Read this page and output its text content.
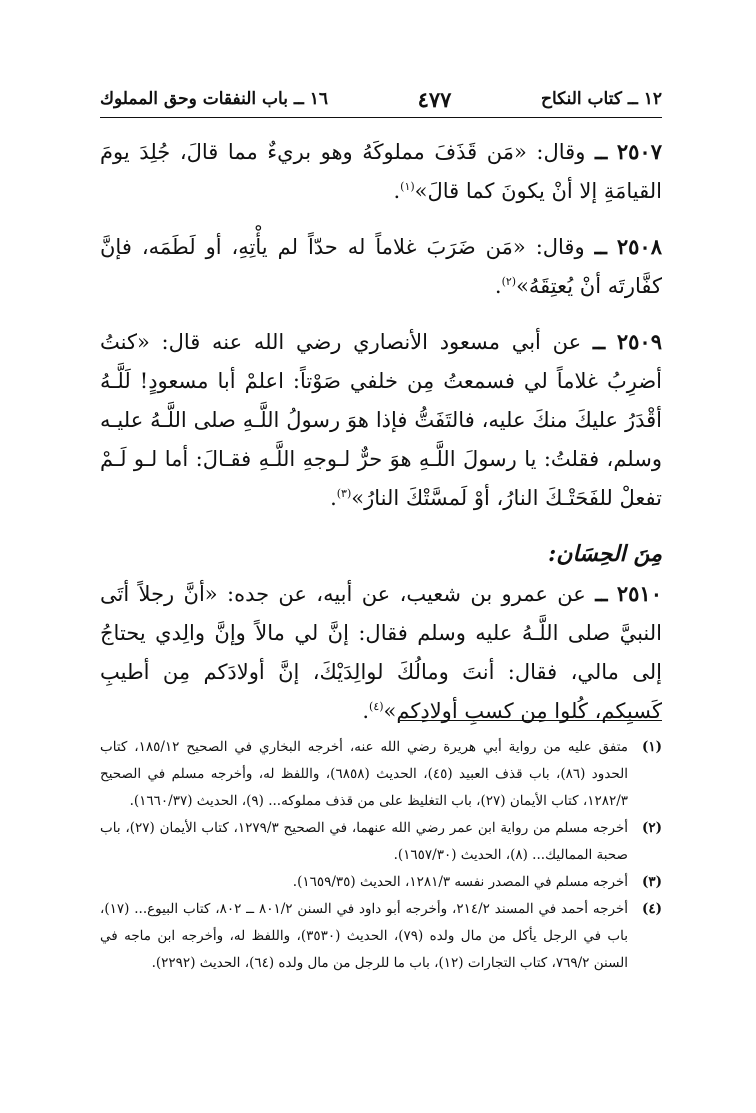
١٢ ــ كتاب النكاح
٤٧٧
١٦ ــ باب النفقات وحق المملوك

٢٥٠٧ ــ وقال: «مَن قَذَفَ مملوكَهُ وهو بريءٌ مما قالَ، جُلِدَ يومَ القيامَةِ إلا أنْ يكونَ كما قالَ»$^{(١)}$.

٢٥٠٨ ــ وقال: «مَن ضَرَبَ غلاماً له حدّاً لم يأْتِهِ، أو لَطَمَه، فإنَّ كفَّارتَه أنْ يُعتِقَهُ»$^{(٢)}$.

٢٥٠٩ ــ عن أبي مسعود الأنصاري رضي الله عنه قال: «كنتُ أضرِبُ غلاماً لي فسمعتُ مِن خلفي صَوْتاً: اعلمْ أبا مسعودٍ! لَلَّـهُ أقْدَرُ عليكَ منكَ عليه، فالتَفَتُّ فإذا هوَ رسولُ اللَّـهِ صلى اللَّـهُ عليـه وسلم، فقلتُ: يا رسولَ اللَّـهِ هوَ حرٌّ لـوجهِ اللَّـهِ فقـالَ: أما لـو لَـمْ تفعلْ للفَحَتْـكَ النارُ، أوْ لَمسَّتْكَ النارُ»$^{(٣)}$.

مِنَ الحِسَان:

٢٥١٠ ــ عن عمرو بن شعيب، عن أبيه، عن جده: «أنَّ رجلاً أتَى النبيَّ صلى اللَّـهُ عليه وسلم فقال: إنَّ لي مالاً وإنَّ والِدي يحتاجُ إلى مالي، فقال: أنتَ ومالُكَ لوالِدَيْكَ، إنَّ أولادَكم مِن أطيبِ كَسبِكم، كُلوا مِن كسبِ أولادِكم»$^{(٤)}$.

(١)
متفق عليه من رواية أبي هريرة رضي الله عنه، أخرجه البخاري في الصحيح ١٨٥/١٢، كتاب الحدود (٨٦)، باب قذف العبيد (٤٥)، الحديث (٦٨٥٨)، واللفظ له، وأخرجه مسلم في الصحيح ١٢٨٢/٣، كتاب الأيمان (٢٧)، باب التغليظ على من قذف مملوكه... (٩)، الحديث (١٦٦٠/٣٧).
(٢)
أخرجه مسلم من رواية ابن عمر رضي الله عنهما، في الصحيح ١٢٧٩/٣، كتاب الأيمان (٢٧)، باب صحبة المماليك... (٨)، الحديث (١٦٥٧/٣٠).
(٣)
أخرجه مسلم في المصدر نفسه ١٢٨١/٣، الحديث (١٦٥٩/٣٥).
(٤)
أخرجه أحمد في المسند ٢١٤/٢، وأخرجه أبو داود في السنن ٨٠١/٢ ــ ٨٠٢، كتاب البيوع... (١٧)، باب في الرجل يأكل من مال ولده (٧٩)، الحديث (٣٥٣٠)، واللفظ له، وأخرجه ابن ماجه في السنن ٧٦٩/٢، كتاب التجارات (١٢)، باب ما للرجل من مال ولده (٦٤)، الحديث (٢٢٩٢).
